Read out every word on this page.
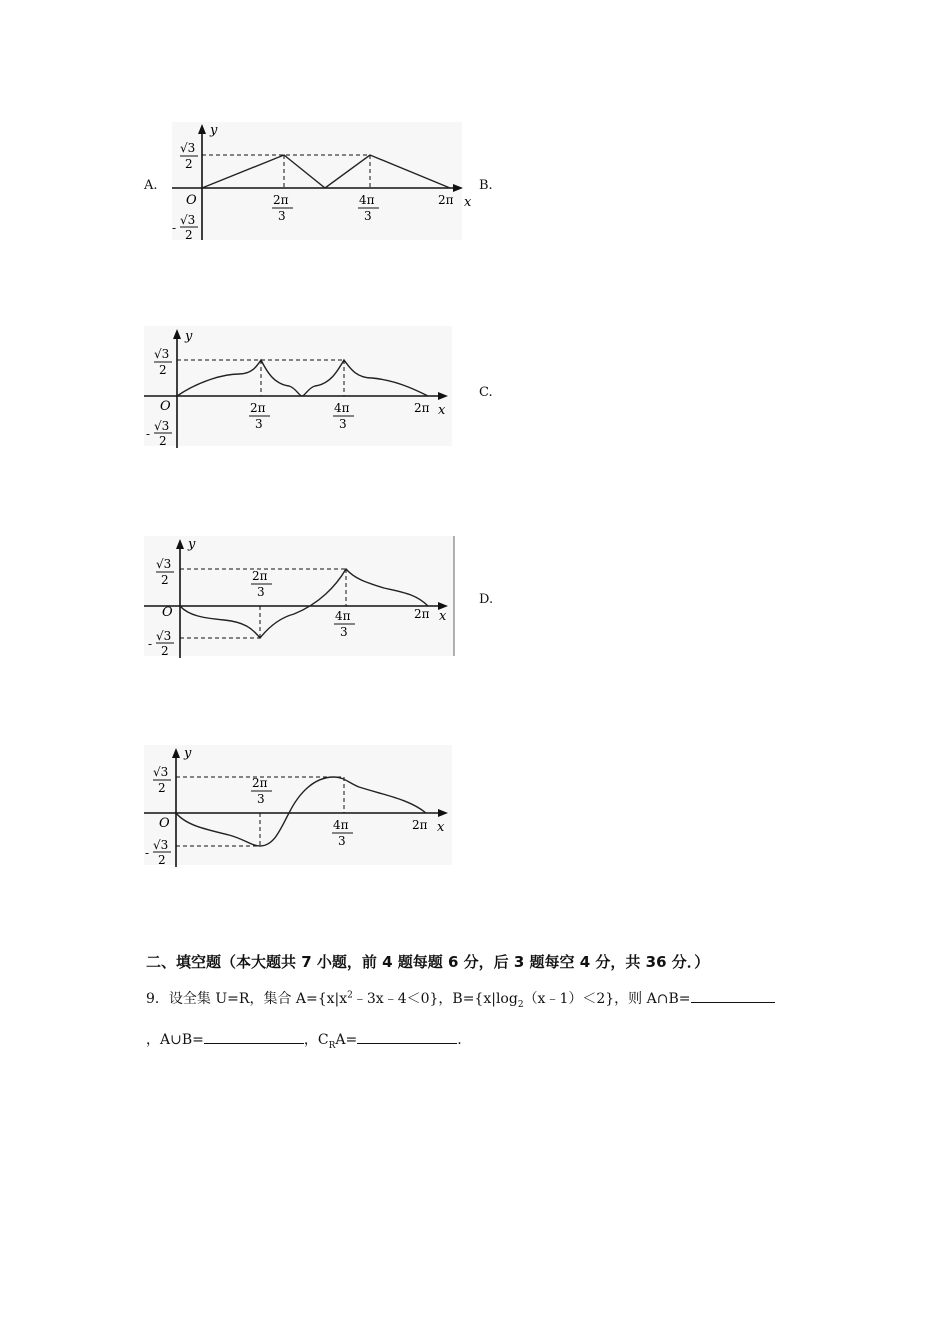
A.	B.
C.
D.
y
O
√3
2
-
√3
2
2π
3
4π
3
2π x
y
O
√3
2
-
√3
2
2π
3
4π
3
2π x
y
O
√3
2
-
√3
2
2π
3
4π
3
2π x
y
O
√3
2
-
√3
2
2π
3
4π
3
2π x
二、填空题（本大题共 7 小题，前 4 题每题 6 分，后 3 题每空 4 分，共 36 分．）
9．设全集 U=R，集合 $A=\{x|x^2﹣3x﹣4<0\}$，$B=\{x|\log_2(x﹣1)<2\}$，则 A∩B=
，A∪B=	，$C_RA=$	.
